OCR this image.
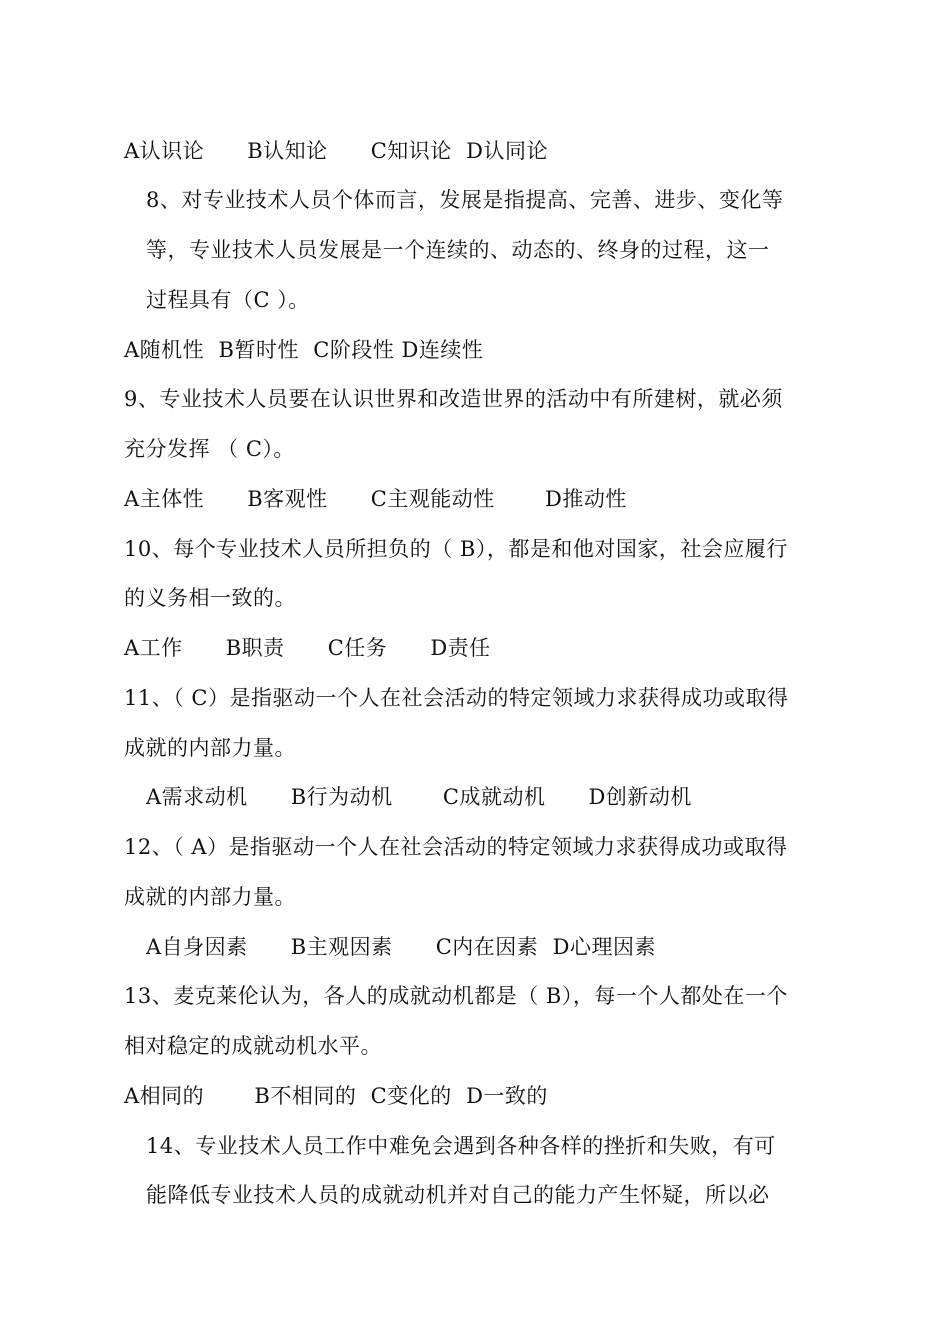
A认识论      B认知论      C知识论  D认同论
8、对专业技术人员个体而言，发展是指提高、完善、进步、变化等
等，专业技术人员发展是一个连续的、动态的、终身的过程，这一
过程具有（C ）。
A随机性  B暂时性  C阶段性 D连续性
9、专业技术人员要在认识世界和改造世界的活动中有所建树，就必须
充分发挥 （ C）。
A主体性      B客观性      C主观能动性       D推动性
10、每个专业技术人员所担负的（ B），都是和他对国家，社会应履行
的义务相一致的。
A工作      B职责      C任务      D责任
11、（ C）是指驱动一个人在社会活动的特定领域力求获得成功或取得
成就的内部力量。
A需求动机      B行为动机       C成就动机      D创新动机
12、（ A）是指驱动一个人在社会活动的特定领域力求获得成功或取得
成就的内部力量。
A自身因素      B主观因素      C内在因素  D心理因素
13、麦克莱伦认为，各人的成就动机都是（ B），每一个人都处在一个
相对稳定的成就动机水平。
A相同的       B不相同的  C变化的  D一致的
14、专业技术人员工作中难免会遇到各种各样的挫折和失败，有可
能降低专业技术人员的成就动机并对自己的能力产生怀疑，所以必
